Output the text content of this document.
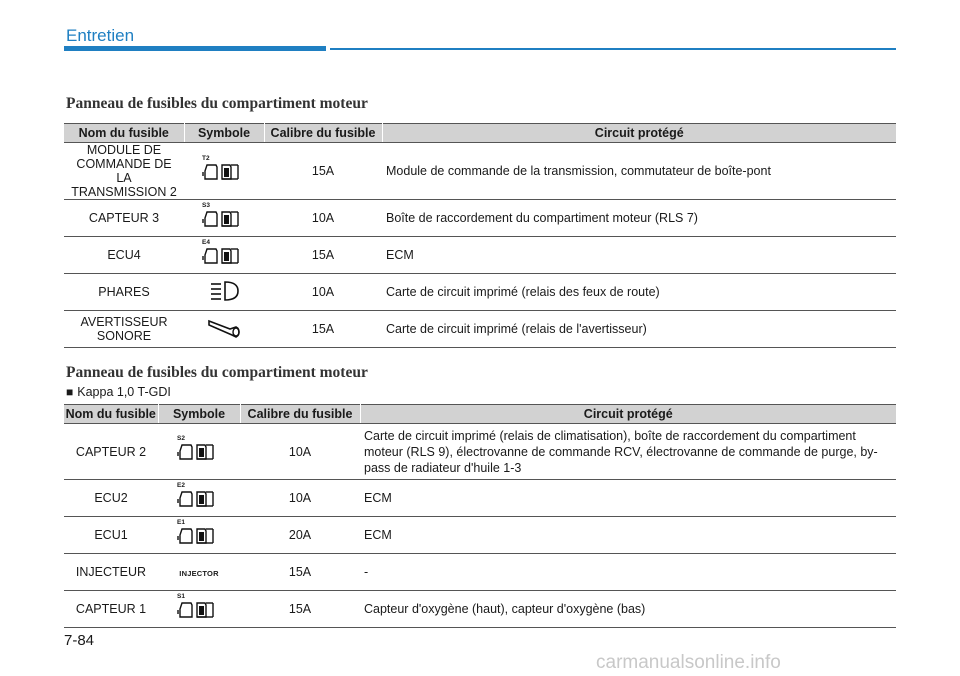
Entretien
Panneau de fusibles du compartiment moteur
Nom du fusible	Symbole	Calibre du fusible	Circuit protégé
MODULE DE COMMANDE DE LA TRANSMISSION 2	T2	15A	Module de commande de la transmission, commutateur de boîte-pont
CAPTEUR 3	S3	10A	Boîte de raccordement du compartiment moteur (RLS 7)
ECU4	E4	15A	ECM
PHARES		10A	Carte de circuit imprimé (relais des feux de route)
AVERTISSEUR SONORE		15A	Carte de circuit imprimé (relais de l'avertisseur)
Panneau de fusibles du compartiment moteur
■ Kappa 1,0 T-GDI
Nom du fusible	Symbole	Calibre du fusible	Circuit protégé
CAPTEUR 2	S2	10A	Carte de circuit imprimé (relais de climatisation), boîte de raccordement du compartiment moteur (RLS 9), électrovanne de commande RCV, électrovanne de commande de purge, by-pass de radiateur d'huile 1-3
ECU2	E2	10A	ECM
ECU1	E1	20A	ECM
INJECTEUR	INJECTOR	15A	-
CAPTEUR 1	S1	15A	Capteur d'oxygène (haut), capteur d'oxygène (bas)
7-84
carmanualsonline.info
